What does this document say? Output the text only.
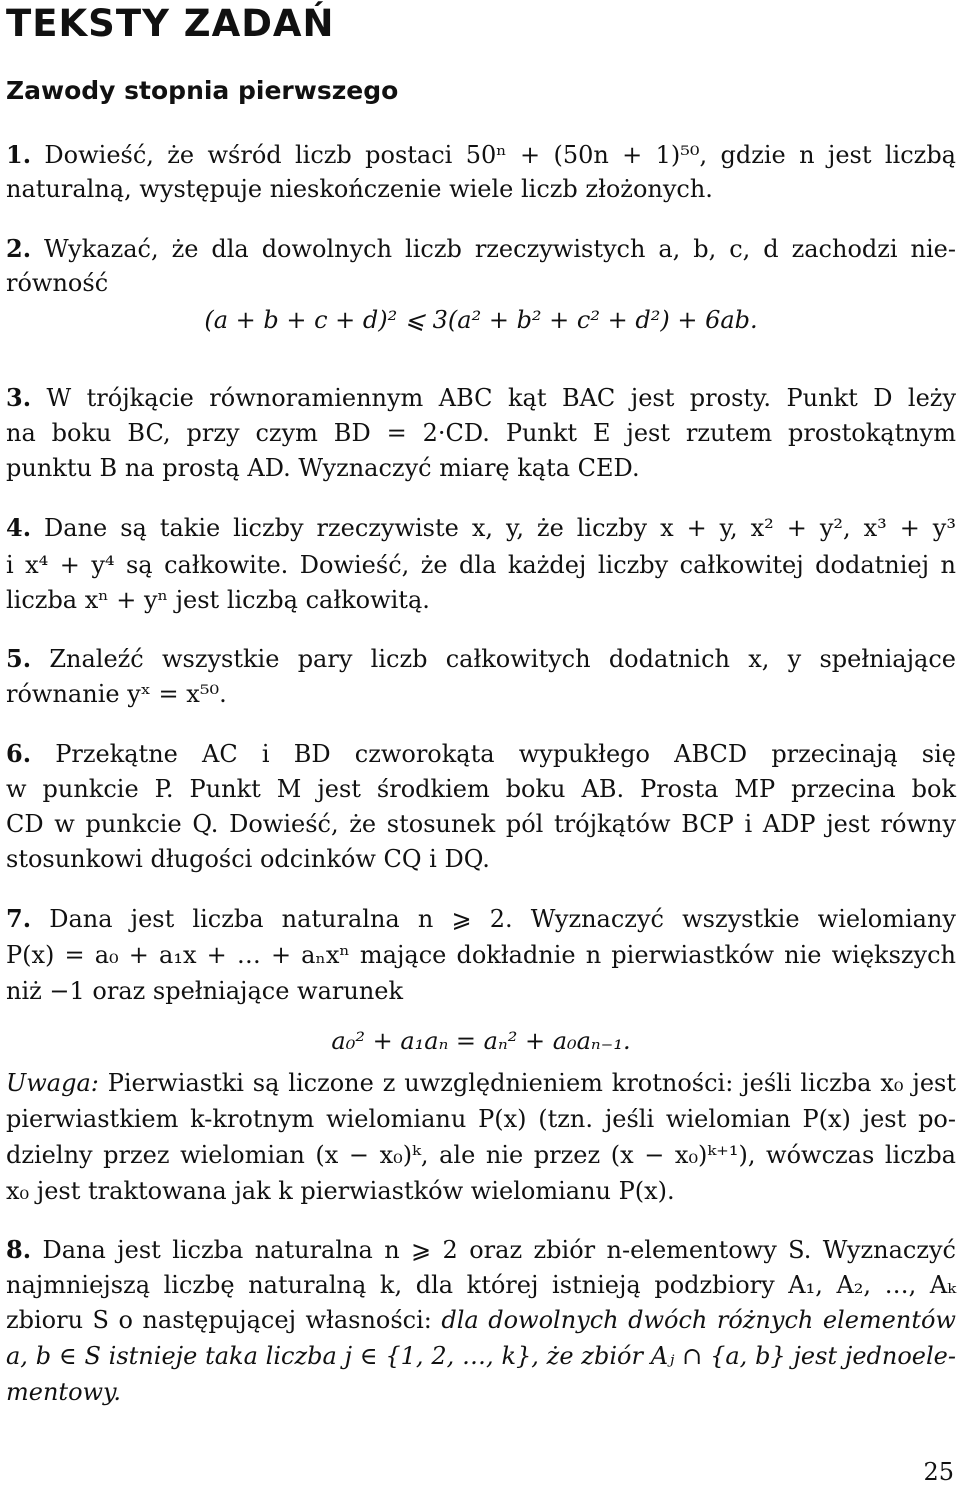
TEKSTY ZADAŃ
Zawody stopnia pierwszego
1. Dowieść, że wśród liczb postaci 50ⁿ + (50n + 1)⁵⁰, gdzie n jest liczbą
naturalną, występuje nieskończenie wiele liczb złożonych.
2. Wykazać, że dla dowolnych liczb rzeczywistych a, b, c, d zachodzi nie-
równość
(a + b + c + d)² ⩽ 3(a² + b² + c² + d²) + 6ab.
3. W trójkącie równoramiennym ABC kąt BAC jest prosty. Punkt D leży
na boku BC, przy czym BD = 2·CD. Punkt E jest rzutem prostokątnym
punktu B na prostą AD. Wyznaczyć miarę kąta CED.
4. Dane są takie liczby rzeczywiste x, y, że liczby x + y, x² + y², x³ + y³
i x⁴ + y⁴ są całkowite. Dowieść, że dla każdej liczby całkowitej dodatniej n
liczba xⁿ + yⁿ jest liczbą całkowitą.
5. Znaleźć wszystkie pary liczb całkowitych dodatnich x, y spełniające
równanie yˣ = x⁵⁰.
6. Przekątne AC i BD czworokąta wypukłego ABCD przecinają się
w punkcie P. Punkt M jest środkiem boku AB. Prosta MP przecina bok
CD w punkcie Q. Dowieść, że stosunek pól trójkątów BCP i ADP jest równy
stosunkowi długości odcinków CQ i DQ.
7. Dana jest liczba naturalna n ⩾ 2. Wyznaczyć wszystkie wielomiany
P(x) = a₀ + a₁x + … + aₙxⁿ mające dokładnie n pierwiastków nie większych
niż −1 oraz spełniające warunek
a₀² + a₁aₙ = aₙ² + a₀aₙ₋₁.
Uwaga: Pierwiastki są liczone z uwzględnieniem krotności: jeśli liczba x₀ jest
pierwiastkiem k-krotnym wielomianu P(x) (tzn. jeśli wielomian P(x) jest po-
dzielny przez wielomian (x − x₀)ᵏ, ale nie przez (x − x₀)ᵏ⁺¹), wówczas liczba
x₀ jest traktowana jak k pierwiastków wielomianu P(x).
8. Dana jest liczba naturalna n ⩾ 2 oraz zbiór n-elementowy S. Wyznaczyć
najmniejszą liczbę naturalną k, dla której istnieją podzbiory A₁, A₂, …, Aₖ
zbioru S o następującej własności: dla dowolnych dwóch różnych elementów
a, b ∈ S istnieje taka liczba j ∈ {1, 2, …, k}, że zbiór Aⱼ ∩ {a, b} jest jednoele-
mentowy.
25
